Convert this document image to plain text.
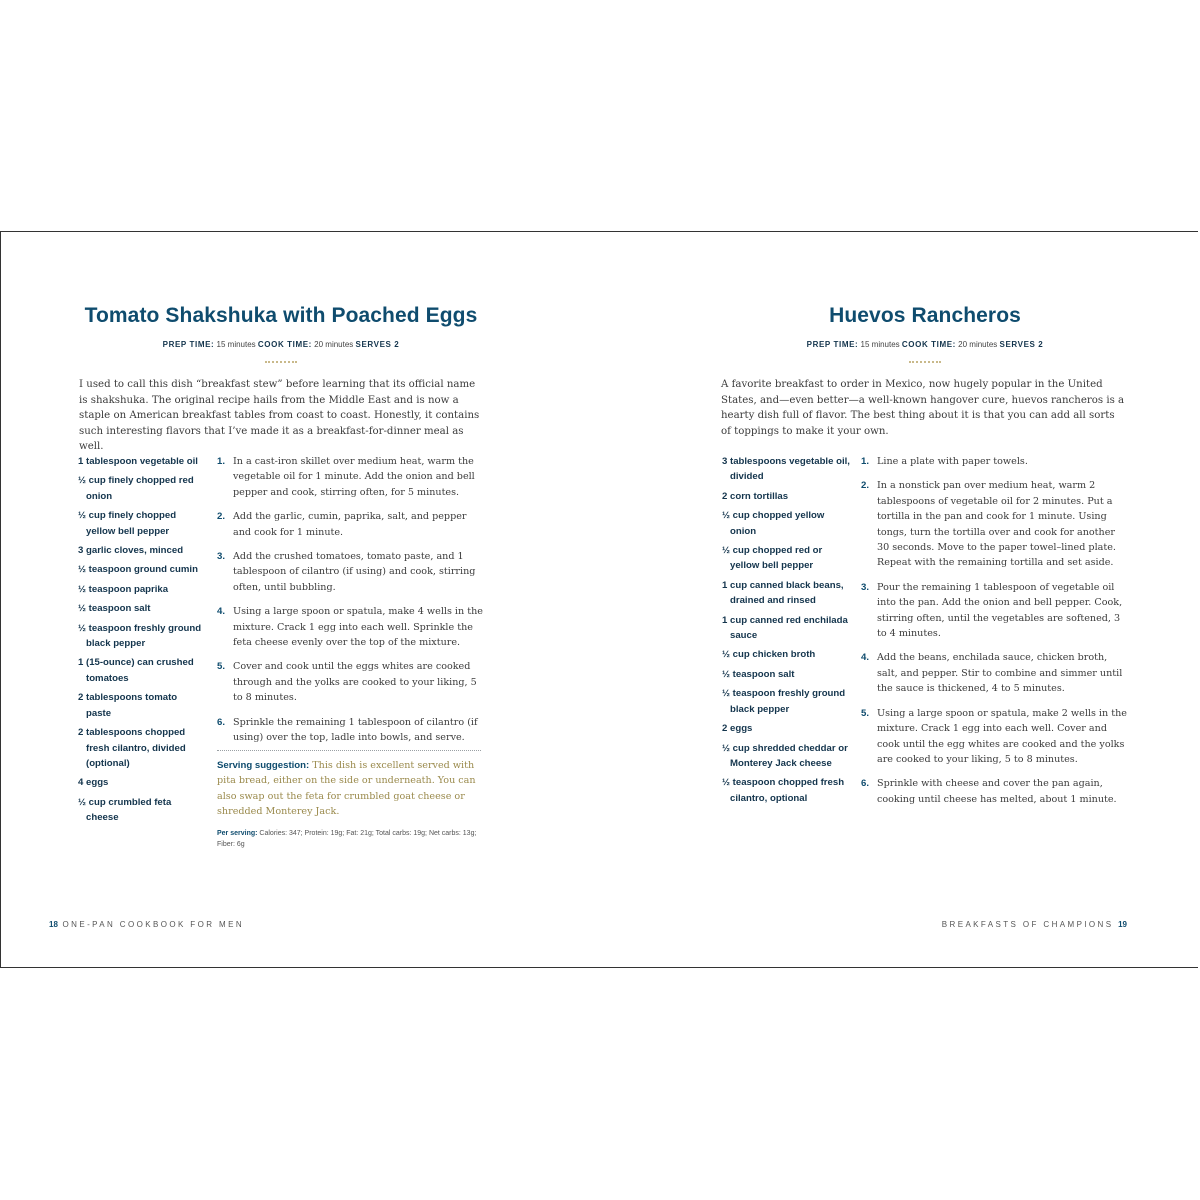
Tomato Shakshuka with Poached Eggs
PREP TIME: 15 minutes COOK TIME: 20 minutes SERVES 2

I used to call this dish “breakfast stew” before learning that its official name is shakshuka. The original recipe hails from the Middle East and is now a staple on American breakfast tables from coast to coast. Honestly, it contains such interesting flavors that I’ve made it as a breakfast-for-dinner meal as well.

1 tablespoon vegetable oil
½ cup finely chopped red onion
½ cup finely chopped yellow bell pepper
3 garlic cloves, minced
½ teaspoon ground cumin
½ teaspoon paprika
½ teaspoon salt
½ teaspoon freshly ground black pepper
1 (15-ounce) can crushed tomatoes
2 tablespoons tomato paste
2 tablespoons chopped fresh cilantro, divided (optional)
4 eggs
½ cup crumbled feta cheese
1. In a cast-iron skillet over medium heat, warm the vegetable oil for 1 minute. Add the onion and bell pepper and cook, stirring often, for 5 minutes.
2. Add the garlic, cumin, paprika, salt, and pepper and cook for 1 minute.
3. Add the crushed tomatoes, tomato paste, and 1 tablespoon of cilantro (if using) and cook, stirring often, until bubbling.
4. Using a large spoon or spatula, make 4 wells in the mixture. Crack 1 egg into each well. Sprinkle the feta cheese evenly over the top of the mixture.
5. Cover and cook until the eggs whites are cooked through and the yolks are cooked to your liking, 5 to 8 minutes.
6. Sprinkle the remaining 1 tablespoon of cilantro (if using) over the top, ladle into bowls, and serve.

Serving suggestion: This dish is excellent served with pita bread, either on the side or underneath. You can also swap out the feta for crumbled goat cheese or shredded Monterey Jack.

Per serving: Calories: 347; Protein: 19g; Fat: 21g; Total carbs: 19g; Net carbs: 13g; Fiber: 6g

18 ONE-PAN COOKBOOK FOR MEN
Huevos Rancheros
PREP TIME: 15 minutes COOK TIME: 20 minutes SERVES 2

A favorite breakfast to order in Mexico, now hugely popular in the United States, and—even better—a well-known hangover cure, huevos rancheros is a hearty dish full of flavor. The best thing about it is that you can add all sorts of toppings to make it your own.

3 tablespoons vegetable oil, divided
2 corn tortillas
½ cup chopped yellow onion
½ cup chopped red or yellow bell pepper
1 cup canned black beans, drained and rinsed
1 cup canned red enchilada sauce
½ cup chicken broth
½ teaspoon salt
½ teaspoon freshly ground black pepper
2 eggs
½ cup shredded cheddar or Monterey Jack cheese
½ teaspoon chopped fresh cilantro, optional
1. Line a plate with paper towels.
2. In a nonstick pan over medium heat, warm 2 tablespoons of vegetable oil for 2 minutes. Put a tortilla in the pan and cook for 1 minute. Using tongs, turn the tortilla over and cook for another 30 seconds. Move to the paper towel–lined plate. Repeat with the remaining tortilla and set aside.
3. Pour the remaining 1 tablespoon of vegetable oil into the pan. Add the onion and bell pepper. Cook, stirring often, until the vegetables are softened, 3 to 4 minutes.
4. Add the beans, enchilada sauce, chicken broth, salt, and pepper. Stir to combine and simmer until the sauce is thickened, 4 to 5 minutes.
5. Using a large spoon or spatula, make 2 wells in the mixture. Crack 1 egg into each well. Cover and cook until the egg whites are cooked and the yolks are cooked to your liking, 5 to 8 minutes.
6. Sprinkle with cheese and cover the pan again, cooking until cheese has melted, about 1 minute.
BREAKFASTS OF CHAMPIONS 19
